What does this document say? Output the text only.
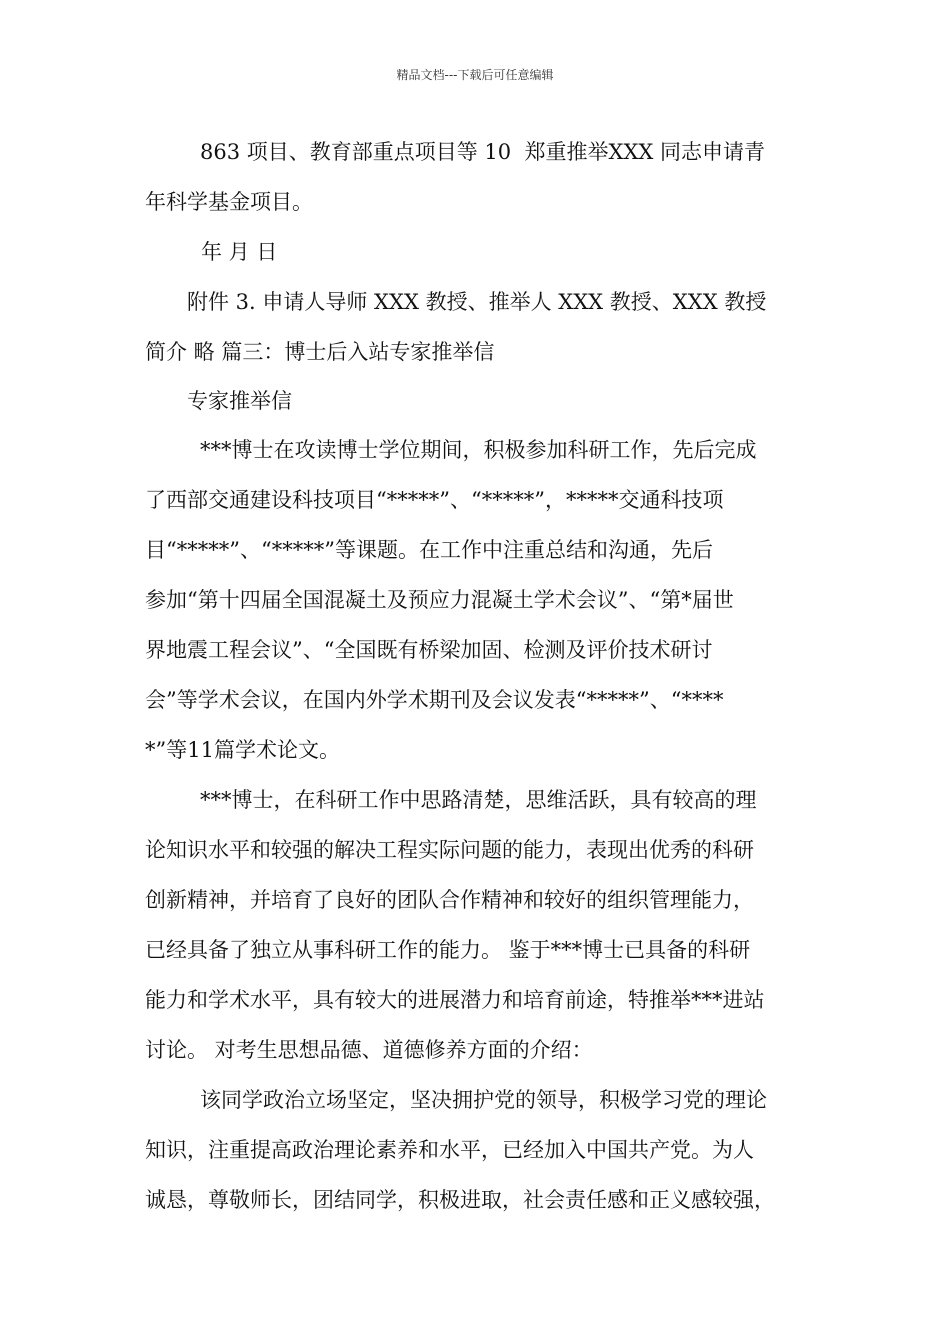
精品文档---下载后可任意编辑
863 项目、教育部重点项目等 10  郑重推举XXX 同志申请青
年科学基金项目。
年 月 日
附件 3. 申请人导师 XXX 教授、推举人 XXX 教授、XXX 教授
简介 略 篇三：博士后入站专家推举信
专家推举信
***博士在攻读博士学位期间，积极参加科研工作，先后完成
了西部交通建设科技项目“*****”、“*****”，*****交通科技项
目“*****”、“*****”等课题。在工作中注重总结和沟通，先后
参加“第十四届全国混凝土及预应力混凝土学术会议”、“第*届世
界地震工程会议”、“全国既有桥梁加固、检测及评价技术研讨
会”等学术会议，在国内外学术期刊及会议发表“*****”、“****
*”等11篇学术论文。
***博士，在科研工作中思路清楚，思维活跃，具有较高的理
论知识水平和较强的解决工程实际问题的能力，表现出优秀的科研
创新精神，并培育了良好的团队合作精神和较好的组织管理能力，
已经具备了独立从事科研工作的能力。 鉴于***博士已具备的科研
能力和学术水平，具有较大的进展潜力和培育前途，特推举***进站
讨论。 对考生思想品德、道德修养方面的介绍：
该同学政治立场坚定，坚决拥护党的领导，积极学习党的理论
知识，注重提高政治理论素养和水平，已经加入中国共产党。为人
诚恳，尊敬师长，团结同学，积极进取，社会责任感和正义感较强，
